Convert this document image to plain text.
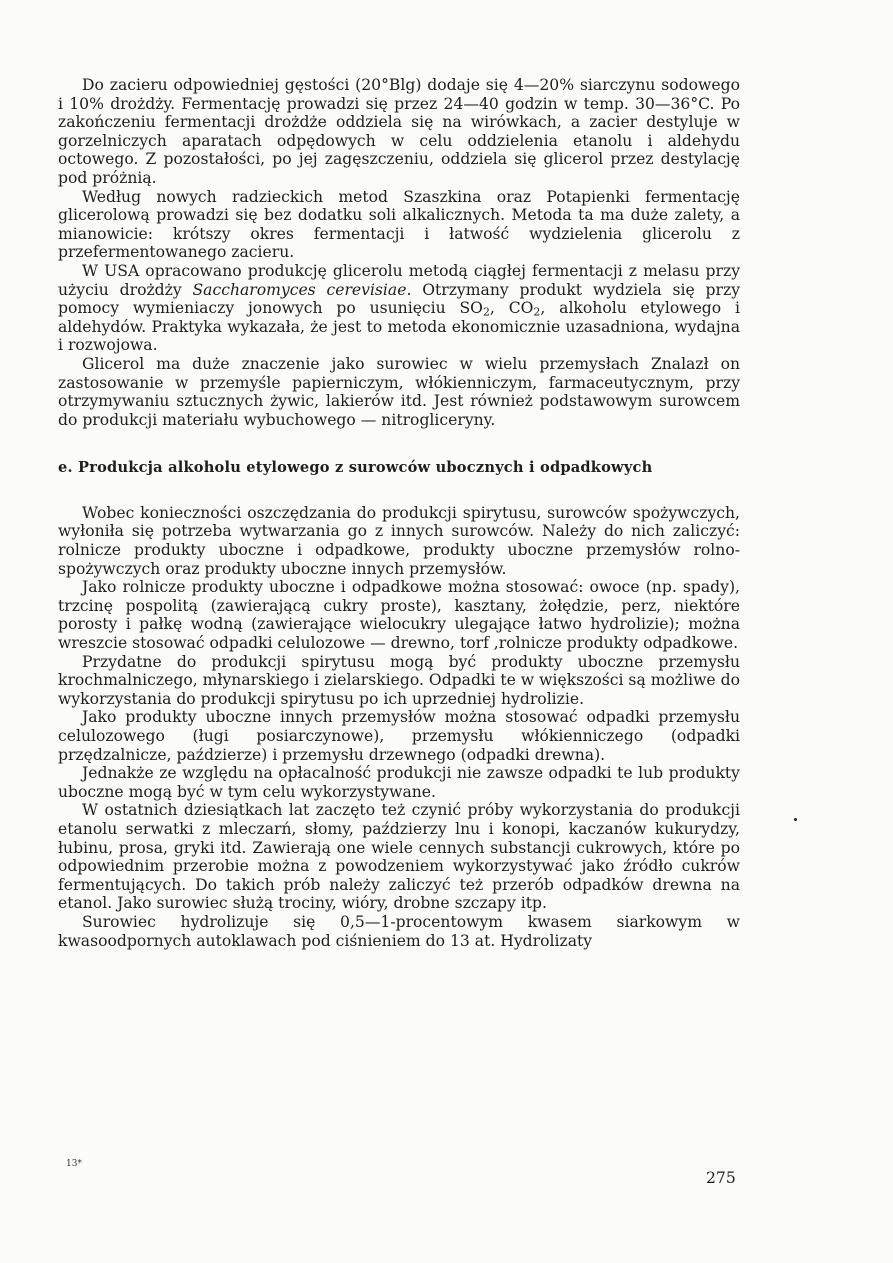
Do zacieru odpowiedniej gęstości (20°Blg) dodaje się 4—20% siarczynu sodowego i 10% drożdży. Fermentację prowadzi się przez 24—40 godzin w temp. 30—36°C. Po zakończeniu fermentacji drożdże oddziela się na wirówkach, a zacier destyluje w gorzelniczych aparatach odpędowych w celu oddzielenia etanolu i aldehydu octowego. Z pozostałości, po jej zagęszczeniu, oddziela się glicerol przez destylację pod próżnią.

Według nowych radzieckich metod Szaszkina oraz Potapienki fermentację glicerolową prowadzi się bez dodatku soli alkalicznych. Metoda ta ma duże zalety, a mianowicie: krótszy okres fermentacji i łatwość wydzielenia glicerolu z przefermentowanego zacieru.

W USA opracowano produkcję glicerolu metodą ciągłej fermentacji z melasu przy użyciu drożdży Saccharomyces cerevisiae. Otrzymany produkt wydziela się przy pomocy wymieniaczy jonowych po usunięciu $SO_2$, $CO_2$, alkoholu etylowego i aldehydów. Praktyka wykazała, że jest to metoda ekonomicznie uzasadniona, wydajna i rozwojowa.

Glicerol ma duże znaczenie jako surowiec w wielu przemysłach Znalazł on zastosowanie w przemyśle papierniczym, włókienniczym, farmaceutycznym, przy otrzymywaniu sztucznych żywic, lakierów itd. Jest również podstawowym surowcem do produkcji materiału wybuchowego — nitrogliceryny.

e. Produkcja alkoholu etylowego z surowców ubocznych i odpadkowych

Wobec konieczności oszczędzania do produkcji spirytusu, surowców spożywczych, wyłoniła się potrzeba wytwarzania go z innych surowców. Należy do nich zaliczyć: rolnicze produkty uboczne i odpadkowe, produkty uboczne przemysłów rolno-spożywczych oraz produkty uboczne innych przemysłów.

Jako rolnicze produkty uboczne i odpadkowe można stosować: owoce (np. spady), trzcinę pospolitą (zawierającą cukry proste), kasztany, żołędzie, perz, niektóre porosty i pałkę wodną (zawierające wielocukry ulegające łatwo hydrolizie); można wreszcie stosować odpadki celulozowe — drewno, torf ,rolnicze produkty odpadkowe.

Przydatne do produkcji spirytusu mogą być produkty uboczne przemysłu krochmalniczego, młynarskiego i zielarskiego. Odpadki te w większości są możliwe do wykorzystania do produkcji spirytusu po ich uprzedniej hydrolizie.

Jako produkty uboczne innych przemysłów można stosować odpadki przemysłu celulozowego (ługi posiarczynowe), przemysłu włókienniczego (odpadki przędzalnicze, paździerze) i przemysłu drzewnego (odpadki drewna).

Jednakże ze względu na opłacalność produkcji nie zawsze odpadki te lub produkty uboczne mogą być w tym celu wykorzystywane.

W ostatnich dziesiątkach lat zaczęto też czynić próby wykorzystania do produkcji etanolu serwatki z mleczarń, słomy, paździerzy lnu i konopi, kaczanów kukurydzy, łubinu, prosa, gryki itd. Zawierają one wiele cennych substancji cukrowych, które po odpowiednim przerobie można z powodzeniem wykorzystywać jako źródło cukrów fermentujących. Do takich prób należy zaliczyć też przerób odpadków drewna na etanol. Jako surowiec służą trociny, wióry, drobne szczapy itp.

Surowiec hydrolizuje się 0,5—1-procentowym kwasem siarkowym w kwasoodpornych autoklawach pod ciśnieniem do 13 at. Hydrolizaty

13*
275
